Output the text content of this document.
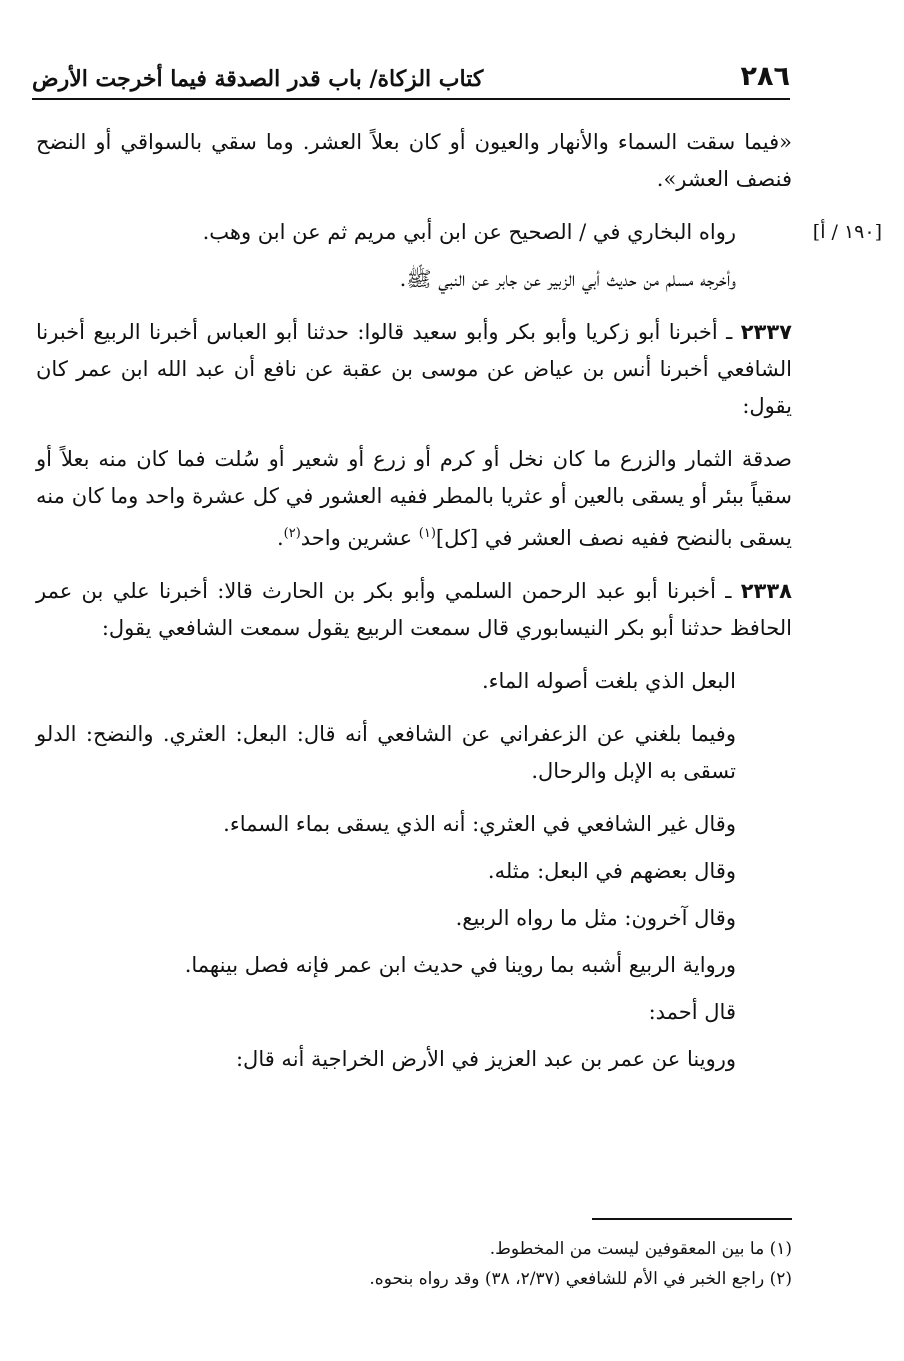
٢٨٦
كتاب الزكاة/ باب قدر الصدقة فيما أخرجت الأرض

«فيما سقت السماء والأنهار والعيون أو كان بعلاً العشر. وما سقي بالسواقي أو النضح فنصف العشر».

[١٩٠ / أ]

رواه البخاري في / الصحيح عن ابن أبي مريم ثم عن ابن وهب.

وأخرجه مسلم من حديث أبي الزبير عن جابر عن النبي ﷺ.

٢٣٣٧ ـ أخبرنا أبو زكريا وأبو بكر وأبو سعيد قالوا: حدثنا أبو العباس أخبرنا الربيع أخبرنا الشافعي أخبرنا أنس بن عياض عن موسى بن عقبة عن نافع أن عبد الله ابن عمر كان يقول:

صدقة الثمار والزرع ما كان نخل أو كرم أو زرع أو شعير أو سُلت فما كان منه بعلاً أو سقياً ببئر أو يسقى بالعين أو عثريا بالمطر ففيه العشور في كل عشرة واحد وما كان منه يسقى بالنضح ففيه نصف العشر في [كل]$^{(١)}$ عشرين واحد$^{(٢)}$.

٢٣٣٨ ـ أخبرنا أبو عبد الرحمن السلمي وأبو بكر بن الحارث قالا: أخبرنا علي بن عمر الحافظ حدثنا أبو بكر النيسابوري قال سمعت الربيع يقول سمعت الشافعي يقول:

البعل الذي بلغت أصوله الماء.

وفيما بلغني عن الزعفراني عن الشافعي أنه قال: البعل: العثري. والنضح: الدلو تسقى به الإبل والرحال.

وقال غير الشافعي في العثري: أنه الذي يسقى بماء السماء.

وقال بعضهم في البعل: مثله.

وقال آخرون: مثل ما رواه الربيع.

ورواية الربيع أشبه بما روينا في حديث ابن عمر فإنه فصل بينهما.

قال أحمد:

وروينا عن عمر بن عبد العزيز في الأرض الخراجية أنه قال:

(١) ما بين المعقوفين ليست من المخطوط.
(٢) راجع الخبر في الأم للشافعي (٢/٣٧، ٣٨) وقد رواه بنحوه.
